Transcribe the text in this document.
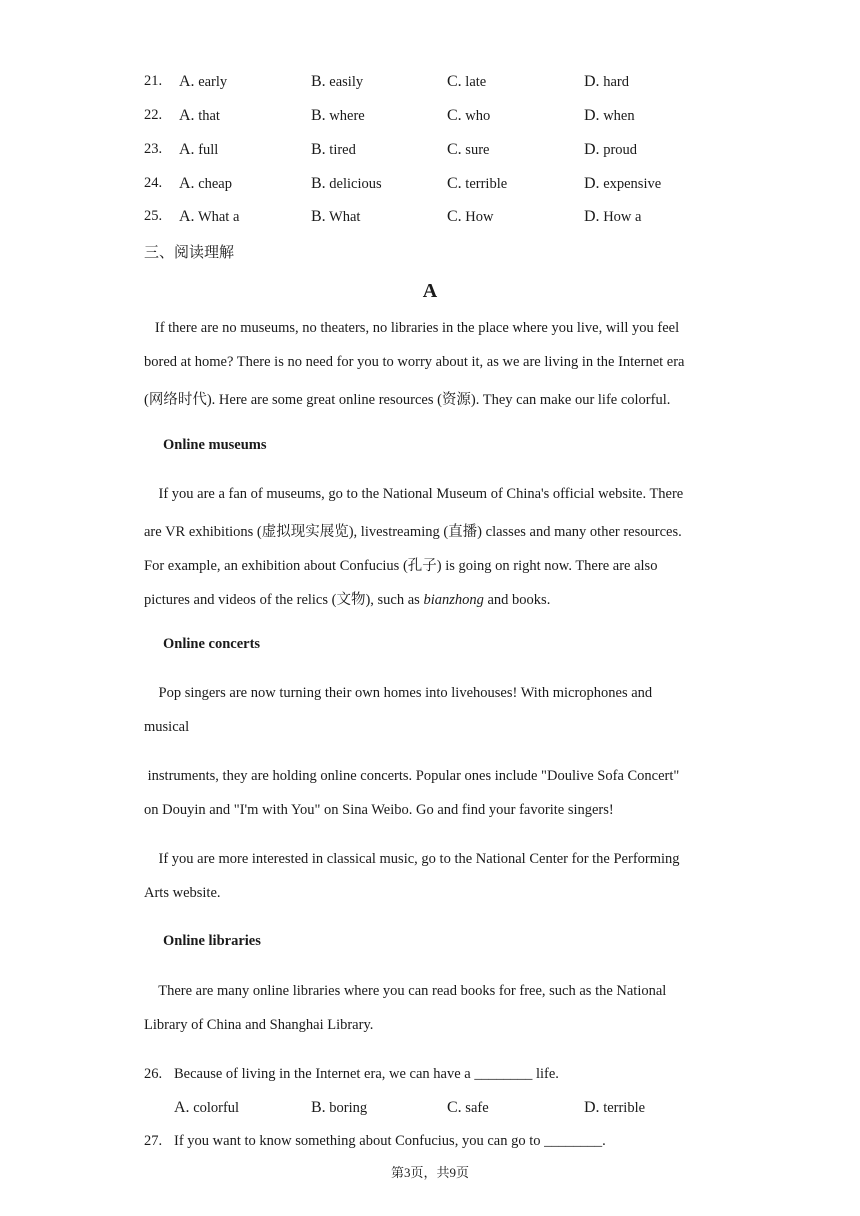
21. A. early	B. easily	C. late	D. hard
22. A. that	B. where	C. who	D. when
23. A. full	B. tired	C. sure	D. proud
24. A. cheap	B. delicious	C. terrible	D. expensive
25. A. What a	B. What	C. How	D. How a
三、阅读理解
A
If there are no museums, no theaters, no libraries in the place where you live, will you feel
bored at home? There is no need for you to worry about it, as we are living in the Internet era
(网络时代). Here are some great online resources (资源). They can make our life colorful.
Online museums
If you are a fan of museums, go to the National Museum of China's official website. There
are VR exhibitions (虚拟现实展览), livestreaming (直播) classes and many other resources.
For example, an exhibition about Confucius (孔子) is going on right now. There are also
pictures and videos of the relics (文物), such as bianzhong and books.
Online concerts
Pop singers are now turning their own homes into livehouses! With microphones and
musical
instruments, they are holding online concerts. Popular ones include "Doulive Sofa Concert"
on Douyin and "I'm with You" on Sina Weibo. Go and find your favorite singers!
If you are more interested in classical music, go to the National Center for the Performing
Arts website.
Online libraries
There are many online libraries where you can read books for free, such as the National
Library of China and Shanghai Library.
26. Because of living in the Internet era, we can have a ________ life.
A. colorful	B. boring	C. safe	D. terrible
27. If you want to know something about Confucius, you can go to ________.
第3页，共9页
